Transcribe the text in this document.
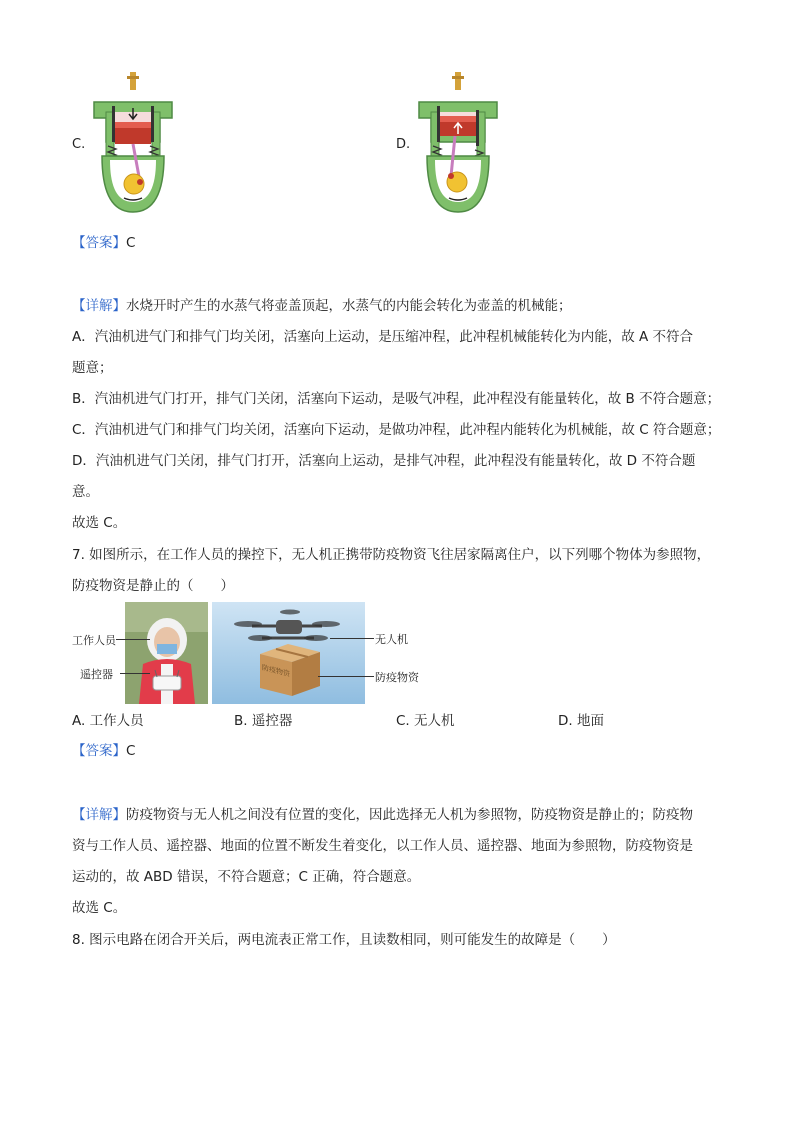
C.	D.
【答案】C
【详解】水烧开时产生的水蒸气将壶盖顶起，水蒸气的内能会转化为壶盖的机械能；
A．汽油机进气门和排气门均关闭，活塞向上运动，是压缩冲程，此冲程机械能转化为内能，故 A 不符合
题意；
B．汽油机进气门打开，排气门关闭，活塞向下运动，是吸气冲程，此冲程没有能量转化，故 B 不符合题意；
C．汽油机进气门和排气门均关闭，活塞向下运动，是做功冲程，此冲程内能转化为机械能，故 C 符合题意；
D．汽油机进气门关闭，排气门打开，活塞向上运动，是排气冲程，此冲程没有能量转化，故 D 不符合题
意。
故选 C。
7. 如图所示，在工作人员的操控下，无人机正携带防疫物资飞往居家隔离住户，以下列哪个物体为参照物，
防疫物资是静止的（　　）
工作人员
遥控器	防疫物资
无人机
防疫物资
A. 工作人员	B. 遥控器	C. 无人机	D. 地面
【答案】C
【详解】防疫物资与无人机之间没有位置的变化，因此选择无人机为参照物，防疫物资是静止的；防疫物
资与工作人员、遥控器、地面的位置不断发生着变化，以工作人员、遥控器、地面为参照物，防疫物资是
运动的，故 ABD 错误，不符合题意；C 正确，符合题意。
故选 C。
8. 图示电路在闭合开关后，两电流表正常工作，且读数相同，则可能发生的故障是（　　）
